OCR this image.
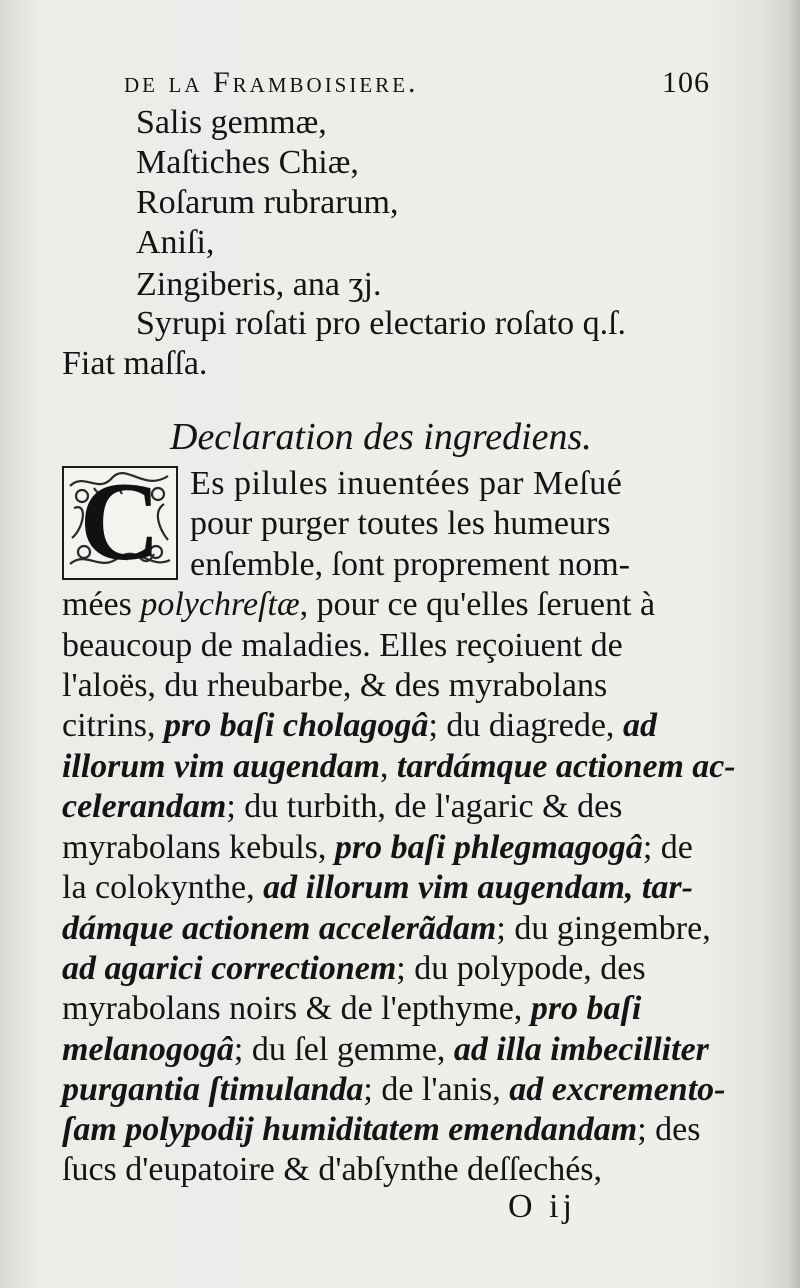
de la Framboisiere.	106
Salis gemmæ,
Maſtiches Chiæ,
Roſarum rubrarum,
Aniſi,
Zingiberis, ana ʒj.
Syrupi roſati pro electario roſato q.ſ.
Fiat maſſa.
Declaration des ingrediens.
C Es pilules inuentées par Meſué
pour purger toutes les humeurs
enſemble, ſont proprement nom-
mées polychreſtæ, pour ce qu'elles ſeruent à
beaucoup de maladies. Elles reçoiuent de
l'aloës, du rheubarbe, & des myrabolans
citrins, pro baſi cholagogâ; du diagrede, ad
illorum vim augendam, tardámque actionem ac-
celerandam; du turbith, de l'agaric & des
myrabolans kebuls, pro baſi phlegmagogâ; de
la colokynthe, ad illorum vim augendam, tar-
dámque actionem accelerãdam; du gingembre,
ad agarici correctionem; du polypode, des
myrabolans noirs & de l'epthyme, pro baſi
melanogogâ; du ſel gemme, ad illa imbecilliter
purgantia ſtimulanda; de l'anis, ad excremento-
ſam polypodij humiditatem emendandam; des
ſucs d'eupatoire & d'abſynthe deſſechés,
O ij
